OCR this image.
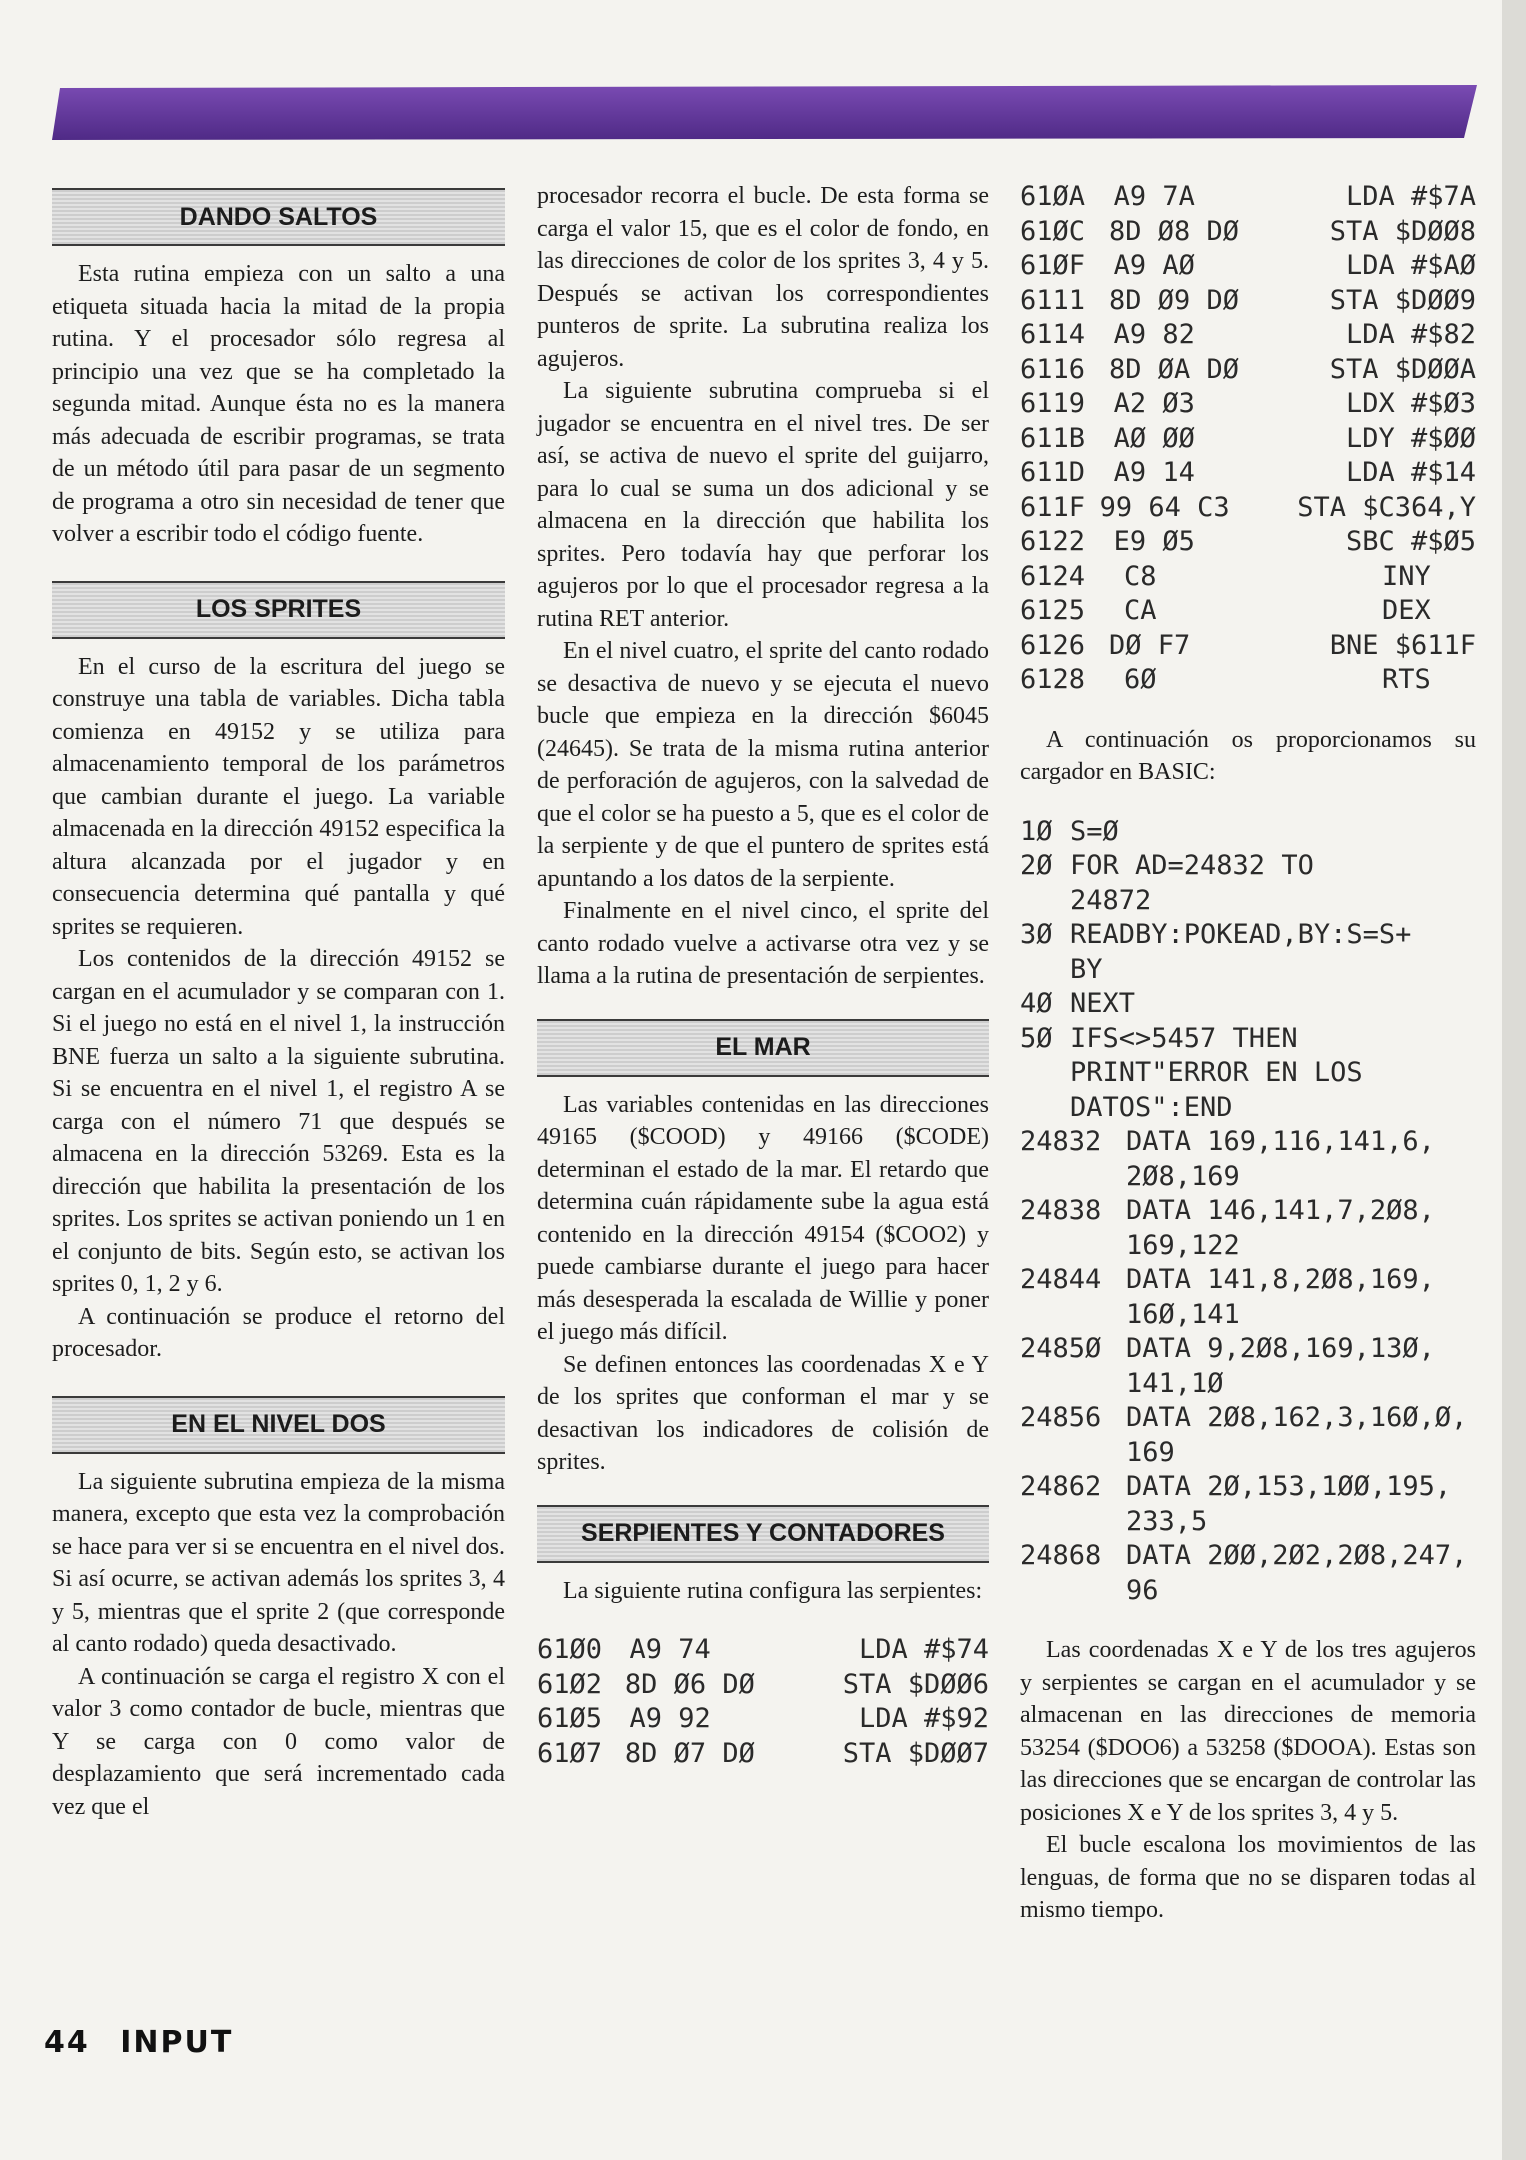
DANDO SALTOS

Esta rutina empieza con un salto a una etiqueta situada hacia la mitad de la propia rutina. Y el procesador sólo regresa al principio una vez que se ha completado la segunda mitad. Aunque ésta no es la manera más adecuada de escribir programas, se trata de un método útil para pasar de un segmento de programa a otro sin necesidad de tener que volver a escribir todo el código fuente.

LOS SPRITES

En el curso de la escritura del juego se construye una tabla de variables. Dicha tabla comienza en 49152 y se utiliza para almacenamiento temporal de los parámetros que cambian durante el juego. La variable almacenada en la dirección 49152 especifica la altura alcanzada por el jugador y en consecuencia determina qué pantalla y qué sprites se requieren.

Los contenidos de la dirección 49152 se cargan en el acumulador y se comparan con 1. Si el juego no está en el nivel 1, la instrucción BNE fuerza un salto a la siguiente subrutina. Si se encuentra en el nivel 1, el registro A se carga con el número 71 que después se almacena en la dirección 53269. Esta es la dirección que habilita la presentación de los sprites. Los sprites se activan poniendo un 1 en el conjunto de bits. Según esto, se activan los sprites 0, 1, 2 y 6.

A continuación se produce el retorno del procesador.

EN EL NIVEL DOS

La siguiente subrutina empieza de la misma manera, excepto que esta vez la comprobación se hace para ver si se encuentra en el nivel dos. Si así ocurre, se activan además los sprites 3, 4 y 5, mientras que el sprite 2 (que corresponde al canto rodado) queda desactivado.

A continuación se carga el registro X con el valor 3 como contador de bucle, mientras que Y se carga con 0 como valor de desplazamiento que será incrementado cada vez que el

procesador recorra el bucle. De esta forma se carga el valor 15, que es el color de fondo, en las direcciones de color de los sprites 3, 4 y 5. Después se activan los correspondientes punteros de sprite. La subrutina realiza los agujeros.

La siguiente subrutina comprueba si el jugador se encuentra en el nivel tres. De ser así, se activa de nuevo el sprite del guijarro, para lo cual se suma un dos adicional y se almacena en la dirección que habilita los sprites. Pero todavía hay que perforar los agujeros por lo que el procesador regresa a la rutina RET anterior.

En el nivel cuatro, el sprite del canto rodado se desactiva de nuevo y se ejecuta el nuevo bucle que empieza en la dirección $6045 (24645). Se trata de la misma rutina anterior de perforación de agujeros, con la salvedad de que el color se ha puesto a 5, que es el color de la serpiente y de que el puntero de sprites está apuntando a los datos de la serpiente.

Finalmente en el nivel cinco, el sprite del canto rodado vuelve a activarse otra vez y se llama a la rutina de presentación de serpientes.

EL MAR

Las variables contenidas en las direcciones 49165 ($COOD) y 49166 ($CODE) determinan el estado de la mar. El retardo que determina cuán rápidamente sube la agua está contenido en la dirección 49154 ($COO2) y puede cambiarse durante el juego para hacer más desesperada la escalada de Willie y poner el juego más difícil.

Se definen entonces las coordenadas X e Y de los sprites que conforman el mar y se desactivan los indicadores de colisión de sprites.

SERPIENTES Y CONTADORES

La siguiente rutina configura las serpientes:

61Ø0	A9 74	LDA #$74
61Ø2 8D Ø6 DØ	STA $DØØ6
61Ø5	A9 92	LDA #$92
61Ø7 8D Ø7 DØ	STA $DØØ7
61ØA	A9 7A	LDA #$7A
61ØC 8D Ø8 DØ	STA $DØØ8
61ØF	A9 AØ	LDA #$AØ
6111 8D Ø9 DØ	STA $DØØ9
6114	A9 82	LDA #$82
6116 8D ØA DØ	STA $DØØA
6119	A2 Ø3	LDX #$Ø3
611B	AØ ØØ	LDY #$ØØ
611D	A9 14	LDA #$14
611F 99 64 C3	STA $C364,Y
6122	E9 Ø5	SBC #$Ø5
6124	C8	INY
6125	CA	DEX
6126 DØ F7	BNE $611F
6128	6Ø	RTS

A continuación os proporcionamos su cargador en BASIC:

1Ø S=Ø
2Ø FOR AD=24832 TO
24872
3Ø READBY:POKEAD,BY:S=S+
BY
4Ø NEXT
5Ø IFS<>5457 THEN
PRINT"ERROR EN LOS
DATOS":END
24832 DATA 169,116,141,6,
2Ø8,169
24838 DATA 146,141,7,2Ø8,
169,122
24844 DATA 141,8,2Ø8,169,
16Ø,141
2485Ø DATA 9,2Ø8,169,13Ø,
141,1Ø
24856 DATA 2Ø8,162,3,16Ø,Ø,
169
24862 DATA 2Ø,153,1ØØ,195,
233,5
24868 DATA 2ØØ,2Ø2,2Ø8,247,
96

Las coordenadas X e Y de los tres agujeros y serpientes se cargan en el acumulador y se almacenan en las direcciones de memoria 53254 ($DOO6) a 53258 ($DOOA). Estas son las direcciones que se encargan de controlar las posiciones X e Y de los sprites 3, 4 y 5.

El bucle escalona los movimientos de las lenguas, de forma que no se disparen todas al mismo tiempo.

44 INPUT
